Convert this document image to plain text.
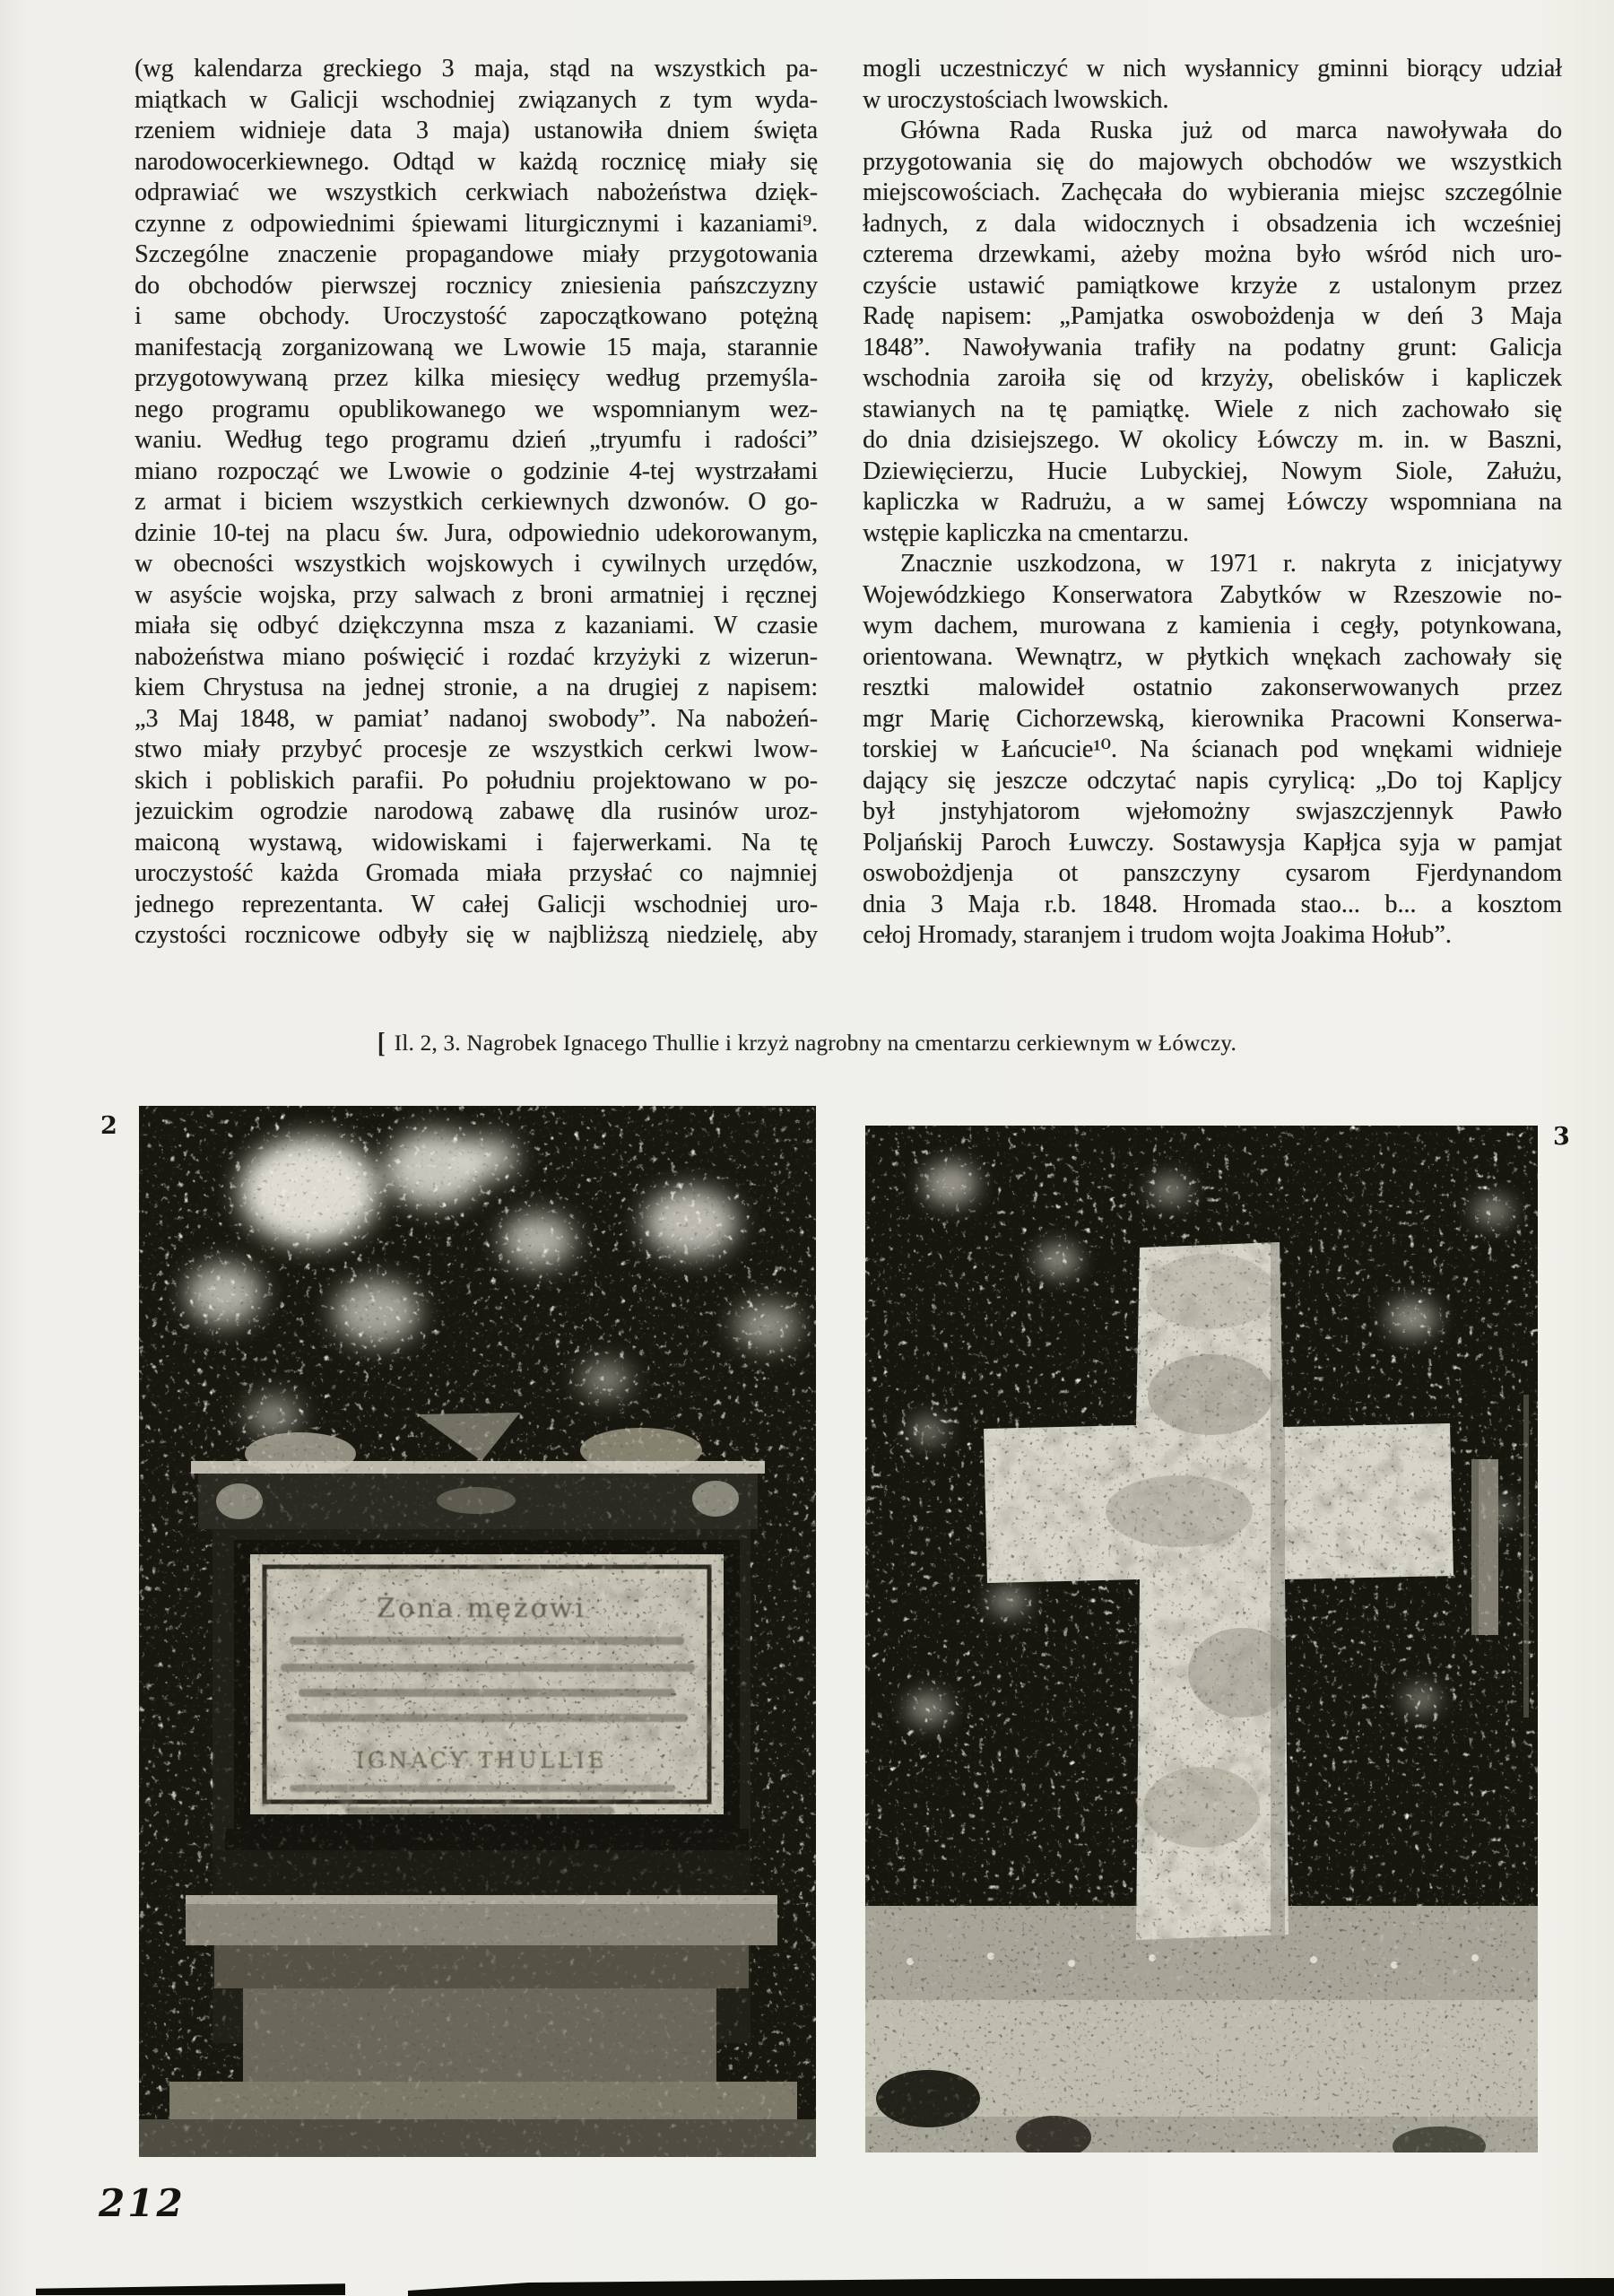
(wg kalendarza greckiego 3 maja, stąd na wszystkich pa-
miątkach w Galicji wschodniej związanych z tym wyda-
rzeniem widnieje data 3 maja) ustanowiła dniem święta
narodowocerkiewnego. Odtąd w każdą rocznicę miały się
odprawiać we wszystkich cerkwiach nabożeństwa dzięk-
czynne z odpowiednimi śpiewami liturgicznymi i kazaniami⁹.
Szczególne znaczenie propagandowe miały przygotowania
do obchodów pierwszej rocznicy zniesienia pańszczyzny
i same obchody. Uroczystość zapoczątkowano potężną
manifestacją zorganizowaną we Lwowie 15 maja, starannie
przygotowywaną przez kilka miesięcy według przemyśla-
nego programu opublikowanego we wspomnianym wez-
waniu. Według tego programu dzień „tryumfu i radości”
miano rozpocząć we Lwowie o godzinie 4-tej wystrzałami
z armat i biciem wszystkich cerkiewnych dzwonów. O go-
dzinie 10-tej na placu św. Jura, odpowiednio udekorowanym,
w obecności wszystkich wojskowych i cywilnych urzędów,
w asyście wojska, przy salwach z broni armatniej i ręcznej
miała się odbyć dziękczynna msza z kazaniami. W czasie
nabożeństwa miano poświęcić i rozdać krzyżyki z wizerun-
kiem Chrystusa na jednej stronie, a na drugiej z napisem:
„3 Maj 1848, w pamiat’ nadanoj swobody”. Na nabożeń-
stwo miały przybyć procesje ze wszystkich cerkwi lwow-
skich i pobliskich parafii. Po południu projektowano w po-
jezuickim ogrodzie narodową zabawę dla rusinów uroz-
maiconą wystawą, widowiskami i fajerwerkami. Na tę
uroczystość każda Gromada miała przysłać co najmniej
jednego reprezentanta. W całej Galicji wschodniej uro-
czystości rocznicowe odbyły się w najbliższą niedzielę, aby
mogli uczestniczyć w nich wysłannicy gminni biorący udział
w uroczystościach lwowskich.
Główna Rada Ruska już od marca nawoływała do
przygotowania się do majowych obchodów we wszystkich
miejscowościach. Zachęcała do wybierania miejsc szczególnie
ładnych, z dala widocznych i obsadzenia ich wcześniej
czterema drzewkami, ażeby można było wśród nich uro-
czyście ustawić pamiątkowe krzyże z ustalonym przez
Radę napisem: „Pamjatka oswobożdenja w deń 3 Maja
1848”. Nawoływania trafiły na podatny grunt: Galicja
wschodnia zaroiła się od krzyży, obelisków i kapliczek
stawianych na tę pamiątkę. Wiele z nich zachowało się
do dnia dzisiejszego. W okolicy Łówczy m. in. w Baszni,
Dziewięcierzu, Hucie Lubyckiej, Nowym Siole, Załużu,
kapliczka w Radrużu, a w samej Łówczy wspomniana na
wstępie kapliczka na cmentarzu.
Znacznie uszkodzona, w 1971 r. nakryta z inicjatywy
Wojewódzkiego Konserwatora Zabytków w Rzeszowie no-
wym dachem, murowana z kamienia i cegły, potynkowana,
orientowana. Wewnątrz, w płytkich wnękach zachowały się
resztki malowideł ostatnio zakonserwowanych przez
mgr Marię Cichorzewską, kierownika Pracowni Konserwa-
torskiej w Łańcucie¹⁰. Na ścianach pod wnękami widnieje
dający się jeszcze odczytać napis cyrylicą: „Do toj Kapljcy
był jnstyhjatorom wjełomożny swjaszczjennyk Pawło
Poljańskij Paroch Łuwczy. Sostawysja Kapłjca syja w pamjat
oswobożdjenja ot panszczyny cysarom Fjerdynandom
dnia 3 Maja r.b. 1848. Hromada stao... b... a kosztom
cełoj Hromady, staranjem i trudom wojta Joakima Hołub”.
[ Il. 2, 3. Nagrobek Ignacego Thullie i krzyż nagrobny na cmentarzu cerkiewnym w Łówczy.
2	3
212
